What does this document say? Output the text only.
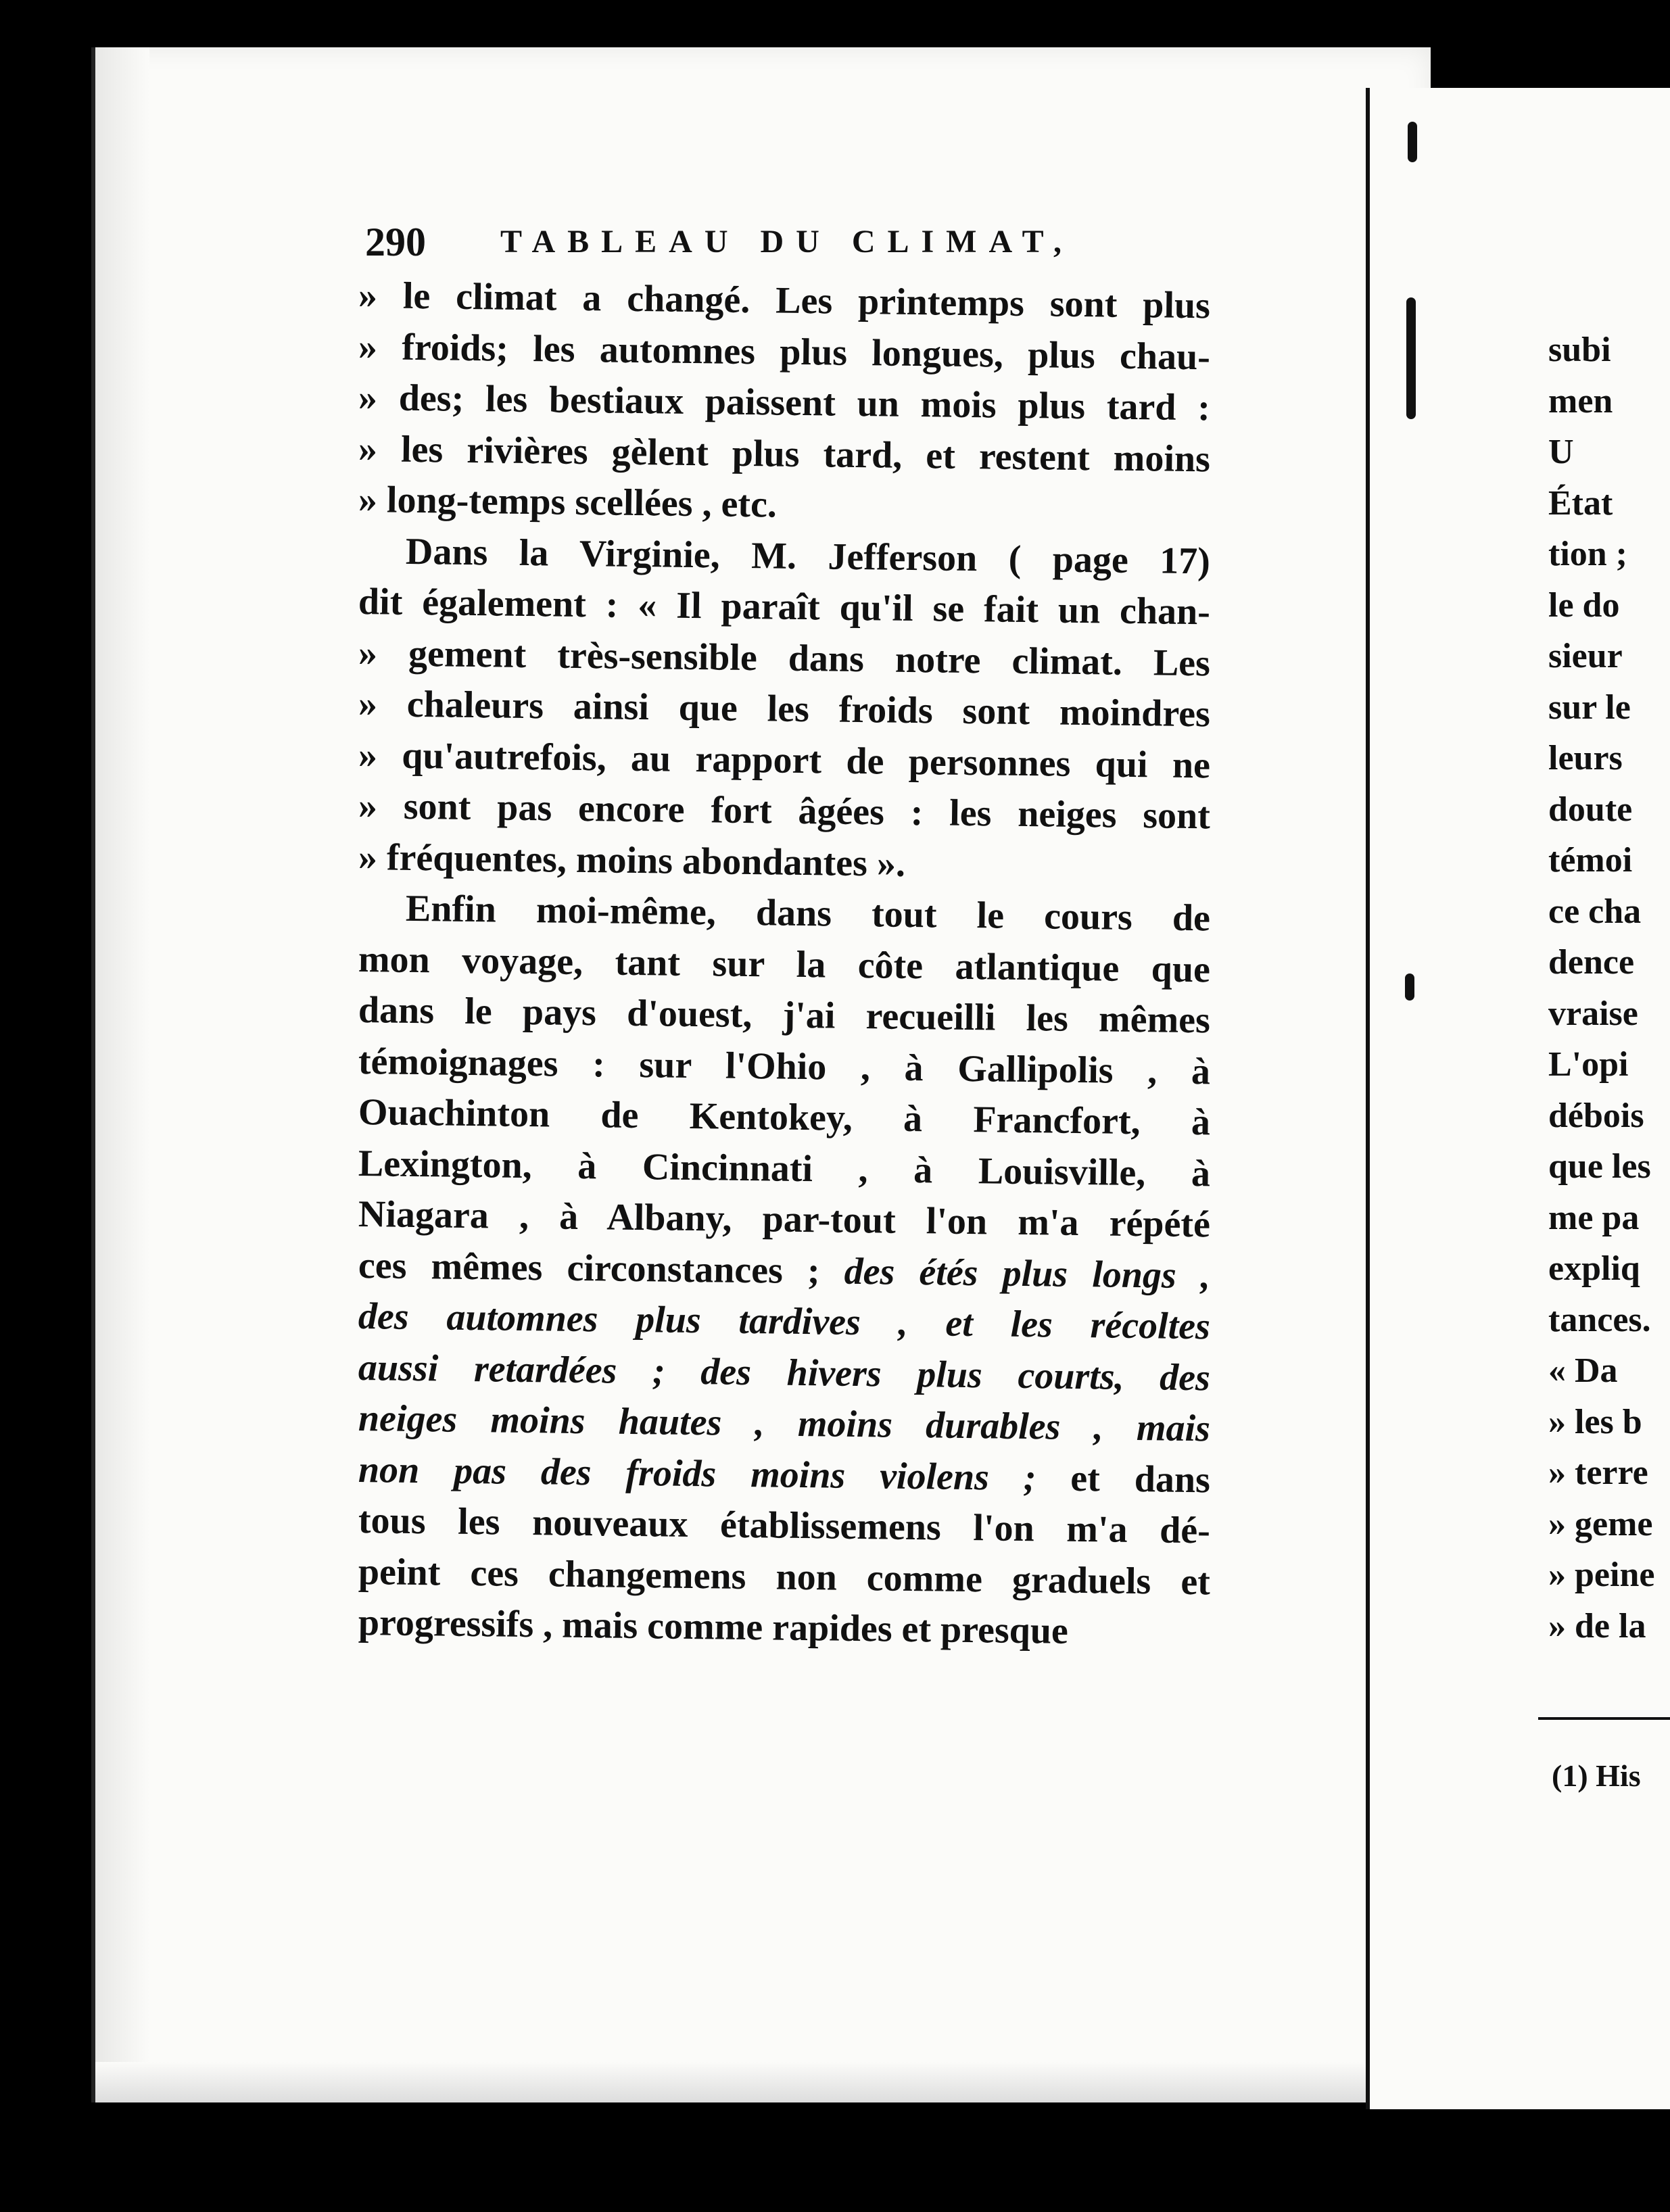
290 TABLEAU DU CLIMAT,
» le climat a changé. Les printemps sont plus
» froids; les automnes plus longues, plus chau-
» des; les bestiaux paissent un mois plus tard :
» les rivières gèlent plus tard, et restent moins
» long-temps scellées , etc.
Dans la Virginie, M. Jefferson ( page 17)
dit également : « Il paraît qu'il se fait un chan-
» gement très-sensible dans notre climat. Les
» chaleurs ainsi que les froids sont moindres
» qu'autrefois, au rapport de personnes qui ne
» sont pas encore fort âgées : les neiges sont
» fréquentes, moins abondantes ».
Enfin moi-même, dans tout le cours de
mon voyage, tant sur la côte atlantique que
dans le pays d'ouest, j'ai recueilli les mêmes
témoignages : sur l'Ohio , à Gallipolis , à
Ouachinton de Kentokey, à Francfort, à
Lexington, à Cincinnati , à Louisville, à
Niagara , à Albany, par-tout l'on m'a répété
ces mêmes circonstances ; des étés plus longs ,
des automnes plus tardives , et les récoltes
aussi retardées ; des hivers plus courts, des
neiges moins hautes , moins durables , mais
non pas des froids moins violens ; et dans
tous les nouveaux établissemens l'on m'a dé-
peint ces changemens non comme graduels et
progressifs , mais comme rapides et presque
subi
men
U
État
tion ;
le do
sieur
sur le
leurs
doute
témoi
ce cha
dence
vraise
L'opi
débois
que les
me pa
expliq
tances.
« Da
» les b
» terre
» geme
» peine
» de la
(1) His
